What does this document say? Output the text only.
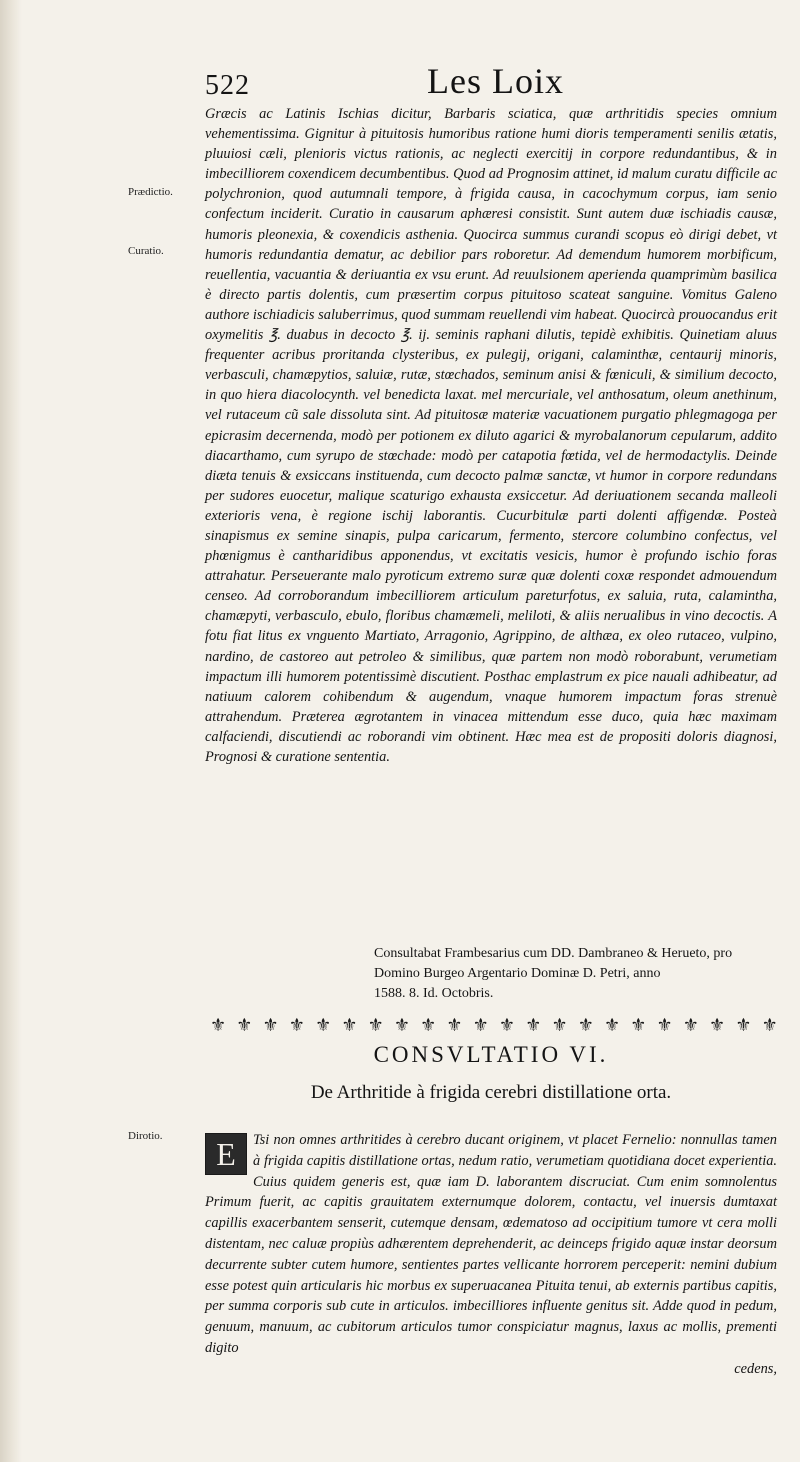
522	Les Loix
Prædictio.
Curatio.
Dirotio.

Græcis ac Latinis Ischias dicitur, Barbaris sciatica, quæ arthritidis species omnium vehementissima. Gignitur à pituitosis humoribus ratione humi dioris temperamenti senilis ætatis, pluuiosi cæli, plenioris victus rationis, ac neglecti exercitij in corpore redundantibus, & in imbecilliorem coxendicem decumbentibus. Quod ad Prognosim attinet, id malum curatu difficile ac polychronion, quod autumnali tempore, à frigida causa, in cacochymum corpus, iam senio confectum inciderit. Curatio in causarum aphæresi consistit. Sunt autem duæ ischiadis causæ, humoris pleonexia, & coxendicis asthenia. Quocirca summus curandi scopus eò dirigi debet, vt humoris redundantia dematur, ac debilior pars roboretur. Ad demendum humorem morbificum, reuellentia, vacuantia & deriuantia ex vsu erunt. Ad reuulsionem aperienda quamprimùm basilica è directo partis dolentis, cum præsertim corpus pituitoso scateat sanguine. Vomitus Galeno authore ischiadicis saluberrimus, quod summam reuellendi vim habeat. Quocircà prouocandus erit oxymelitis ℥. duabus in decocto ℥. ij. seminis raphani dilutis, tepidè exhibitis. Quinetiam aluus frequenter acribus proritanda clysteribus, ex pulegij, origani, calaminthæ, centaurij minoris, verbasculi, chamæpytios, saluiæ, rutæ, stœchados, seminum anisi & fœniculi, & similium decocto, in quo hiera diacolocynth. vel benedicta laxat. mel mercuriale, vel anthosatum, oleum anethinum, vel rutaceum cũ sale dissoluta sint. Ad pituitosæ materiæ vacuationem purgatio phlegmagoga per epicrasim decernenda, modò per potionem ex diluto agarici & myrobalanorum cepularum, addito diacarthamo, cum syrupo de stœchade: modò per catapotia fœtida, vel de hermodactylis. Deinde diæta tenuis & exsiccans instituenda, cum decocto palmæ sanctæ, vt humor in corpore redundans per sudores euocetur, malique scaturigo exhausta exsiccetur. Ad deriuationem secanda malleoli exterioris vena, è regione ischij laborantis. Cucurbitulæ parti dolenti affigendæ. Posteà sinapismus ex semine sinapis, pulpa caricarum, fermento, stercore columbino confectus, vel phœnigmus è cantharidibus apponendus, vt excitatis vesicis, humor è profundo ischio foras attrahatur. Perseuerante malo pyroticum extremo suræ quæ dolenti coxæ respondet admouendum censeo. Ad corroborandum imbecilliorem articulum pareturfotus, ex saluia, ruta, calamintha, chamæpyti, verbasculo, ebulo, floribus chamæmeli, meliloti, & aliis nerualibus in vino decoctis. A fotu fiat litus ex vnguento Martiato, Arragonio, Agrippino, de althæa, ex oleo rutaceo, vulpino, nardino, de castoreo aut petroleo & similibus, quæ partem non modò roborabunt, verumetiam impactum illi humorem potentissimè discutient. Posthac emplastrum ex pice nauali adhibeatur, ad natiuum calorem cohibendum & augendum, vnaque humorem impactum foras strenuè attrahendum. Præterea ægrotantem in vinacea mittendum esse duco, quia hæc maximam calfaciendi, discutiendi ac roborandi vim obtinent. Hæc mea est de propositi doloris diagnosi, Prognosi & curatione sententia.

Consultabat Frambesarius cum DD. Dambraneo & Herueto, pro
Domino Burgeo Argentario Dominæ D. Petri, anno
1588. 8. Id. Octobris.
⚜ ⚜ ⚜ ⚜ ⚜ ⚜ ⚜ ⚜ ⚜ ⚜ ⚜ ⚜ ⚜ ⚜ ⚜ ⚜ ⚜ ⚜ ⚜ ⚜ ⚜ ⚜
CONSVLTATIO VI.
De Arthritide à frigida cerebri distillatione orta.
E	Tsi non omnes arthritides à cerebro ducant originem, vt placet Fernelio: nonnullas tamen à frigida capitis distillatione ortas, nedum ratio, verumetiam quotidiana docet experientia. Cuius quidem generis est, quæ iam D. laborantem discruciat. Cum enim somnolentus Primum fuerit, ac capitis grauitatem externumque dolorem, contactu, vel inuersis dumtaxat capillis exacerbantem senserit, cutemque densam, œdematoso ad occipitium tumore vt cera molli distentam, nec caluæ propiùs adhærentem deprehenderit, ac deinceps frigido aquæ instar deorsum decurrente subter cutem humore, sentientes partes vellicante horrorem perceperit: nemini dubium esse potest quin articularis hic morbus ex superuacanea Pituita tenui, ab externis partibus capitis, per summa corporis sub cute in articulos. imbecilliores influente genitus sit. Adde quod in pedum, genuum, manuum, ac cubitorum articulos tumor conspiciatur magnus, laxus ac mollis, prementi digito
cedens,
